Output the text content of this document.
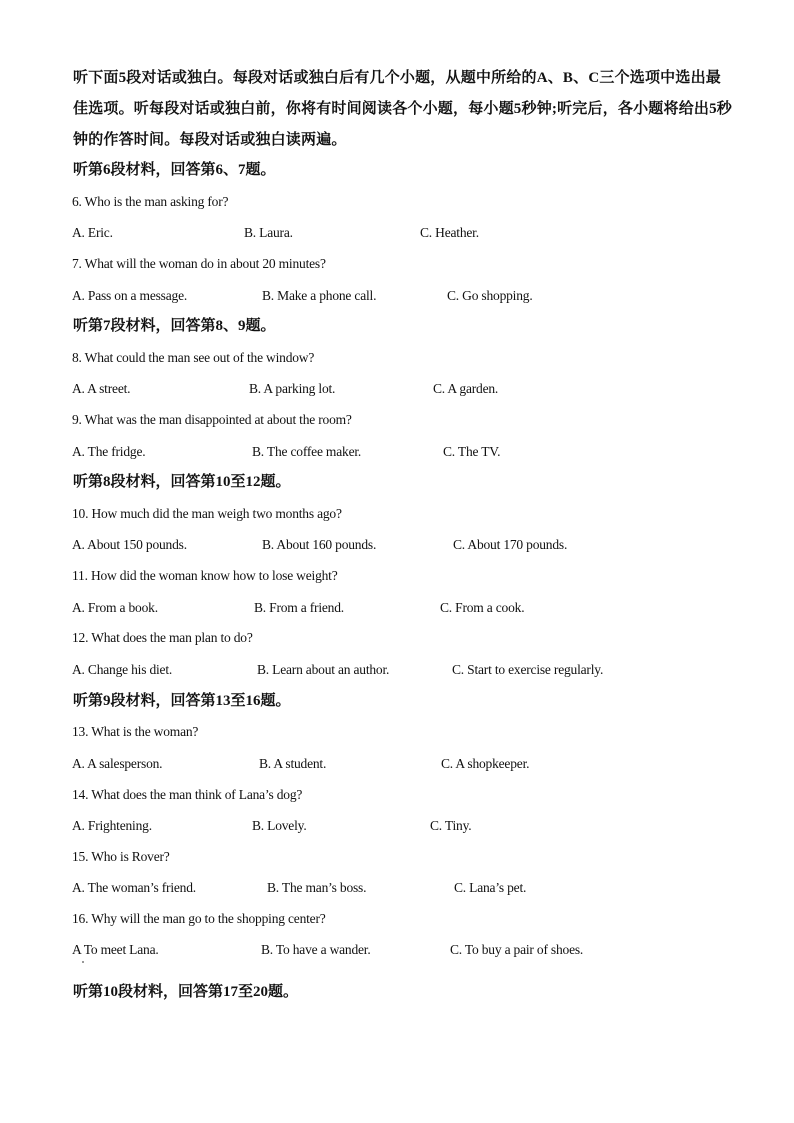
听下面5段对话或独白。每段对话或独白后有几个小题，从题中所给的A、B、C三个选项中选出最佳选项。听每段对话或独白前，你将有时间阅读各个小题，每小题5秒钟;听完后，各小题将给出5秒钟的作答时间。每段对话或独白读两遍。
听第6段材料，回答第6、7题。
6. Who is the man asking for?
A. Eric.	B. Laura.	C. Heather.
7. What will the woman do in about 20 minutes?
A. Pass on a message.	B. Make a phone call.	C. Go shopping.
听第7段材料，回答第8、9题。
8. What could the man see out of the window?
A. A street.	B. A parking lot.	C. A garden.
9. What was the man disappointed at about the room?
A. The fridge.	B. The coffee maker.	C. The TV.
听第8段材料，回答第10至12题。
10. How much did the man weigh two months ago?
A. About 150 pounds.	B. About 160 pounds.	C. About 170 pounds.
11. How did the woman know how to lose weight?
A. From a book.	B. From a friend.	C. From a cook.
12. What does the man plan to do?
A. Change his diet.	B. Learn about an author.	C. Start to exercise regularly.
听第9段材料，回答第13至16题。
13. What is the woman?
A. A salesperson.	B. A student.	C. A shopkeeper.
14. What does the man think of Lana’s dog?
A. Frightening.	B. Lovely.	C. Tiny.
15. Who is Rover?
A. The woman’s friend.	B. The man’s boss.	C. Lana’s pet.
16. Why will the man go to the shopping center?
A To meet Lana.	B. To have a wander.	C. To buy a pair of shoes.
听第10段材料，回答第17至20题。
